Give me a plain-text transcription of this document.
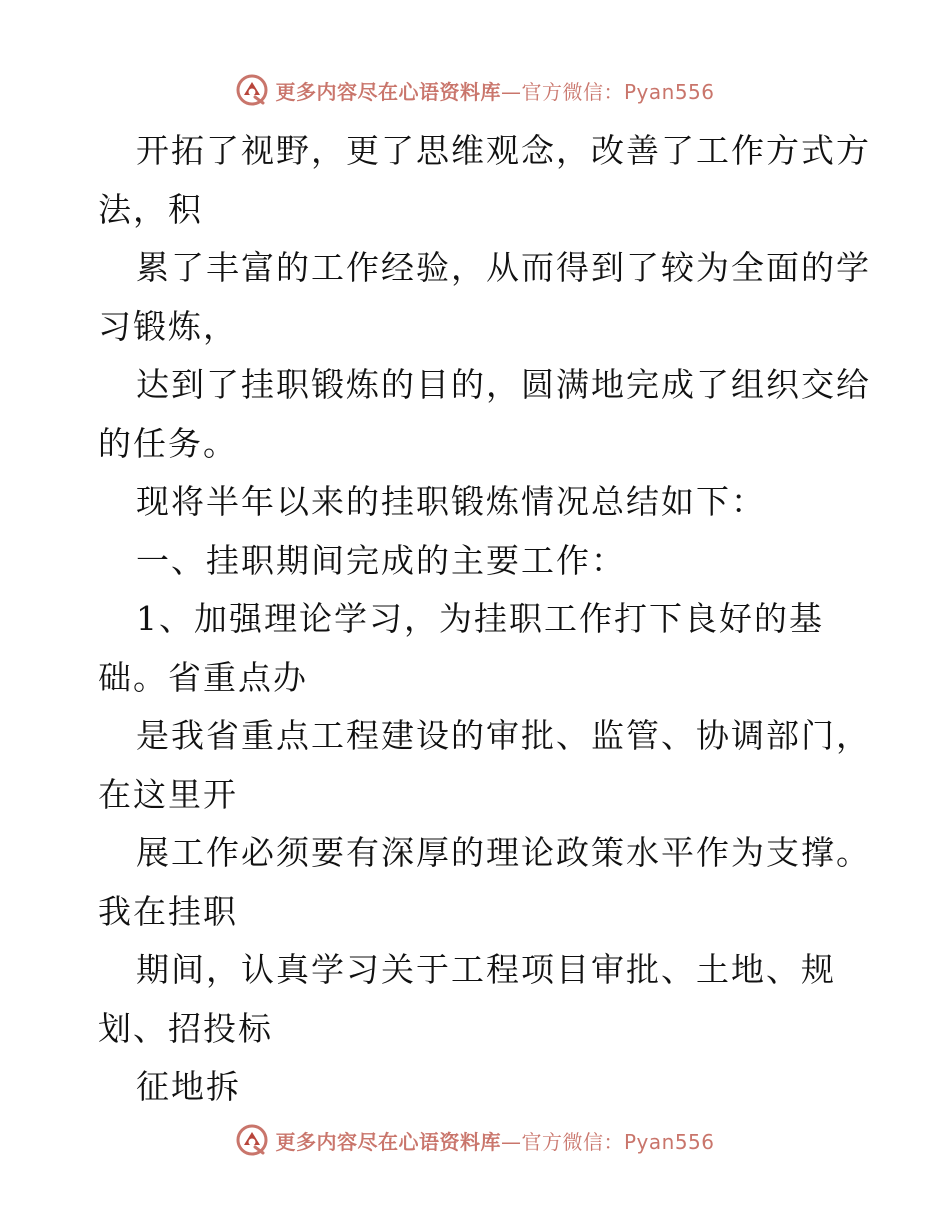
更多内容尽在心语资料库—官方微信：Pyan556
开拓了视野，更了思维观念，改善了工作方式方
法，积
累了丰富的工作经验，从而得到了较为全面的学
习锻炼，
达到了挂职锻炼的目的，圆满地完成了组织交给
的任务。
现将半年以来的挂职锻炼情况总结如下：
一、挂职期间完成的主要工作：
1、加强理论学习，为挂职工作打下良好的基
础。省重点办
是我省重点工程建设的审批、监管、协调部门，
在这里开
展工作必须要有深厚的理论政策水平作为支撑。
我在挂职
期间，认真学习关于工程项目审批、土地、规
划、招投标
征地拆
更多内容尽在心语资料库—官方微信：Pyan556
